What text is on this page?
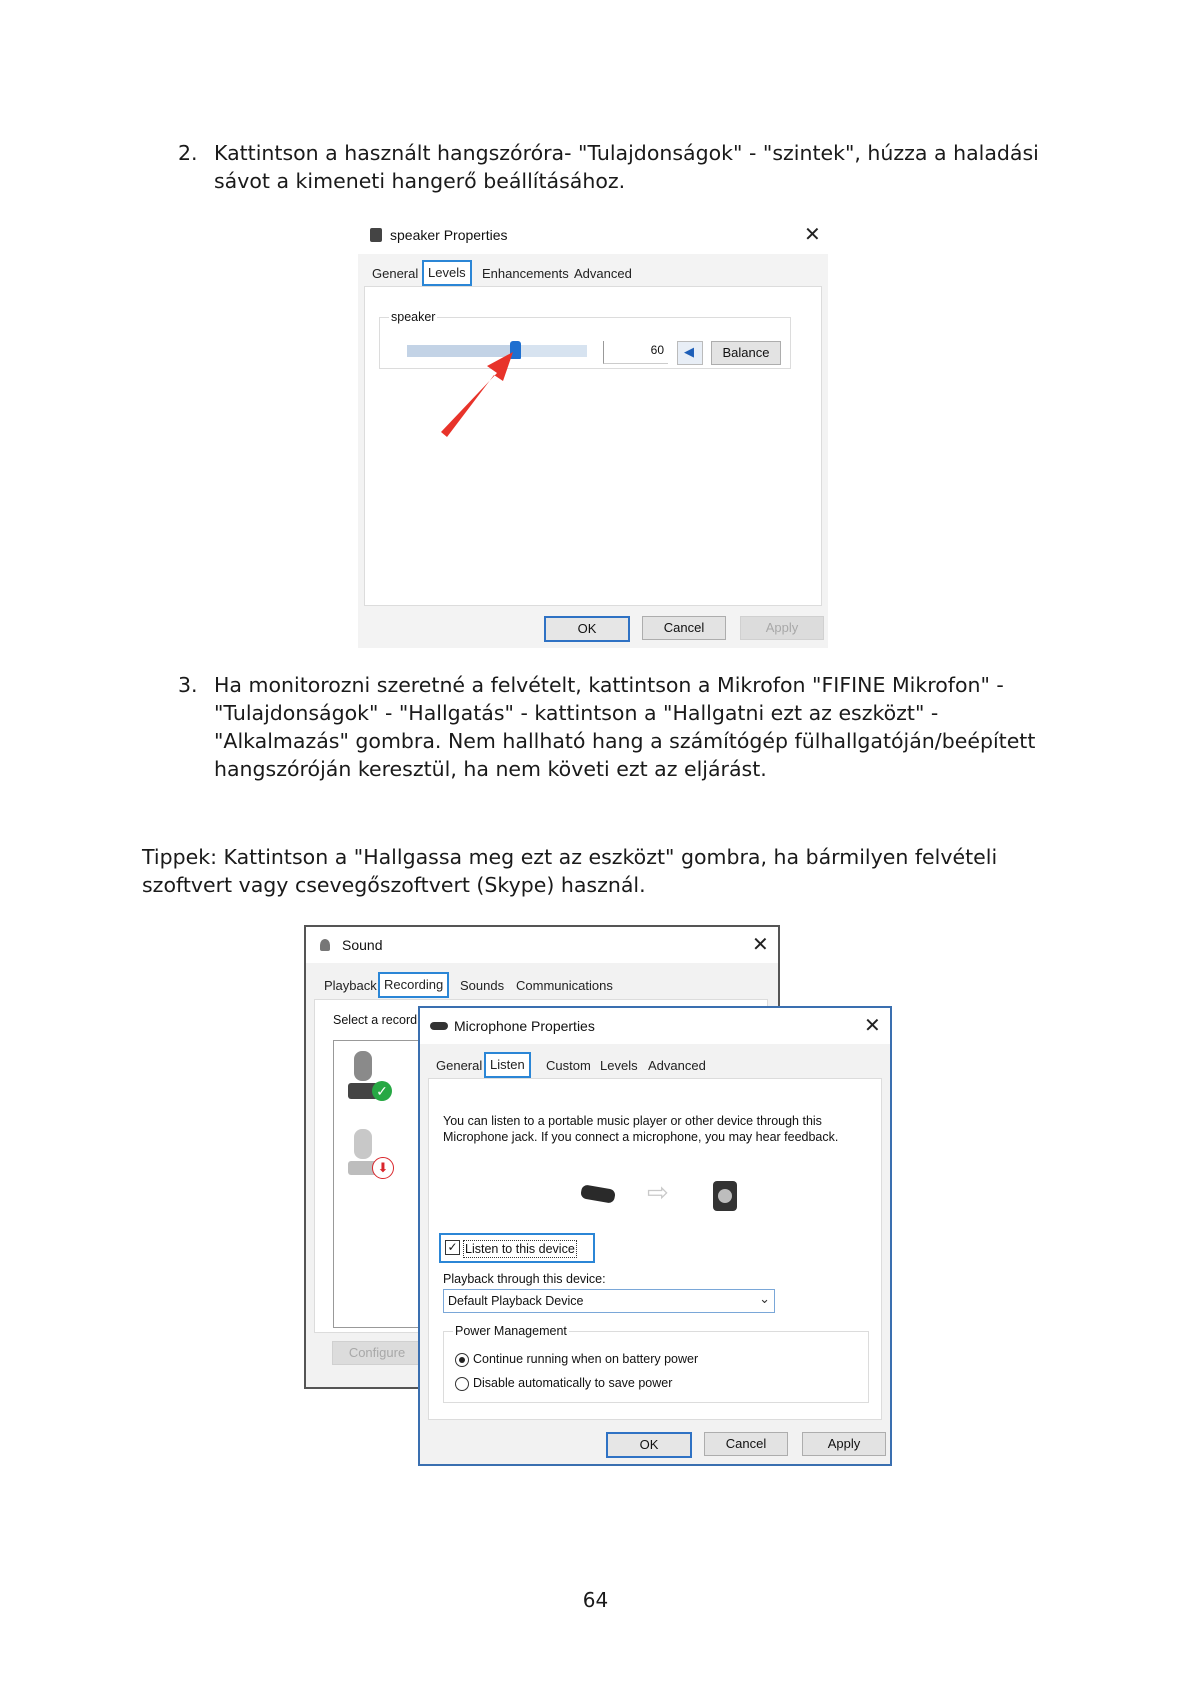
2. Kattintson a használt hangszóróra- "Tulajdonságok" - "szintek", húzza a haladási sávot a kimeneti hangerő beállításához.
speaker Properties	✕
General Levels	Enhancements Advanced
speaker
60 ◀	Balance
OK	Cancel	Apply
3. Ha monitorozni szeretné a felvételt, kattintson a Mikrofon "FIFINE Mikrofon" - "Tulajdonságok" - "Hallgatás" - kattintson a "Hallgatni ezt az eszközt" - "Alkalmazás" gombra. Nem hallható hang a számítógép fülhallgatóján/beépített hangszóróján keresztül, ha nem követi ezt az eljárást.
Tippek: Kattintson a "Hallgassa meg ezt az eszközt" gombra, ha bármilyen felvételi szoftvert vagy csevegőszoftvert (Skype) használ.
Sound	✕
Playback Recording	Sounds Communications
Select a record
✓
⬇
Configure
Microphone Properties	✕
General Listen	Custom Levels Advanced
You can listen to a portable music player or other device through this Microphone jack. If you connect a microphone, you may hear feedback.
⇨
✓ Listen to this device
Playback through this device:
Default Playback Device	⌄
Power Management
Continue running when on battery power
Disable automatically to save power
OK	Cancel	Apply
64
